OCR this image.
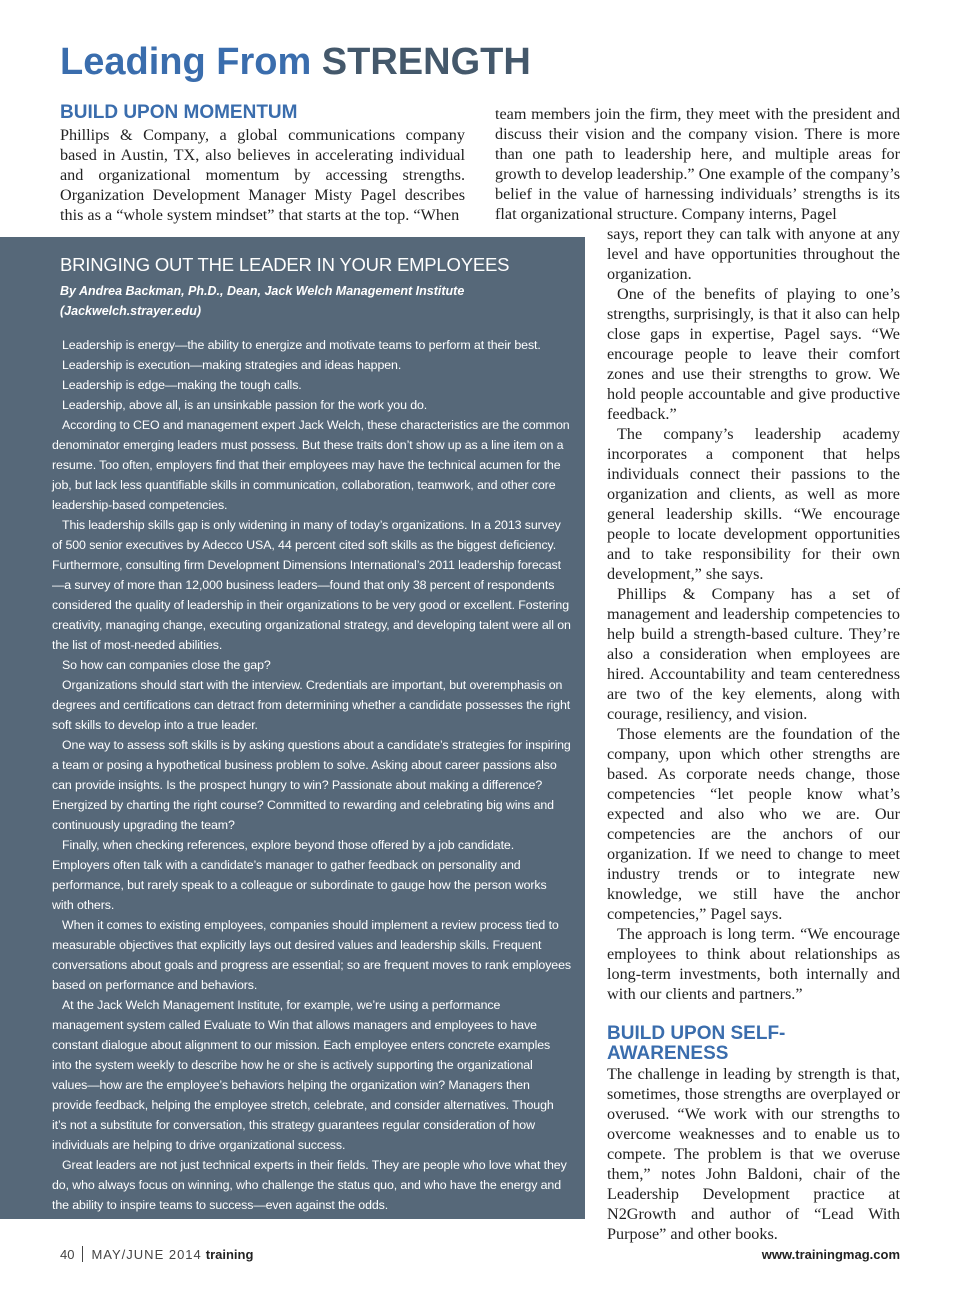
Leading From STRENGTH
BUILD UPON MOMENTUM

Phillips & Company, a global communications company based in Austin, TX, also believes in accelerating individual and organizational momentum by accessing strengths. Organization Development Manager Misty Pagel describes this as a “whole system mindset” that starts at the top. “When

team members join the firm, they meet with the president and discuss their vision and the company vision. There is more than one path to leadership here, and multiple areas for growth to develop leadership.” One example of the company’s belief in the value of harnessing individuals’ strengths is its flat organizational structure. Company interns, Pagel

BRINGING OUT THE LEADER IN YOUR EMPLOYEES

By Andrea Backman, Ph.D., Dean, Jack Welch Management Institute (Jackwelch.strayer.edu)

Leadership is energy—the ability to energize and motivate teams to perform at their best.

Leadership is execution—making strategies and ideas happen.

Leadership is edge—making the tough calls.

Leadership, above all, is an unsinkable passion for the work you do.

According to CEO and management expert Jack Welch, these characteristics are the common denominator emerging leaders must possess. But these traits don’t show up as a line item on a resume. Too often, employers find that their employees may have the technical acumen for the job, but lack less quantifiable skills in communication, collaboration, teamwork, and other core leadership-based competencies.

This leadership skills gap is only widening in many of today’s organizations. In a 2013 survey of 500 senior executives by Adecco USA, 44 percent cited soft skills as the biggest deficiency. Furthermore, consulting firm Development Dimensions International’s 2011 leadership forecast—a survey of more than 12,000 business leaders—found that only 38 percent of respondents considered the quality of leadership in their organizations to be very good or excellent. Fostering creativity, managing change, executing organizational strategy, and developing talent were all on the list of most-needed abilities.

So how can companies close the gap?

Organizations should start with the interview. Credentials are important, but overemphasis on degrees and certifications can detract from determining whether a candidate possesses the right soft skills to develop into a true leader.

One way to assess soft skills is by asking questions about a candidate’s strategies for inspiring a team or posing a hypothetical business problem to solve. Asking about career passions also can provide insights. Is the prospect hungry to win? Passionate about making a difference? Energized by charting the right course? Committed to rewarding and celebrating big wins and continuously upgrading the team?

Finally, when checking references, explore beyond those offered by a job candidate. Employers often talk with a candidate’s manager to gather feedback on personality and performance, but rarely speak to a colleague or subordinate to gauge how the person works with others.

When it comes to existing employees, companies should implement a review process tied to measurable objectives that explicitly lays out desired values and leadership skills. Frequent conversations about goals and progress are essential; so are frequent moves to rank employees based on performance and behaviors.

At the Jack Welch Management Institute, for example, we’re using a performance management system called Evaluate to Win that allows managers and employees to have constant dialogue about alignment to our mission. Each employee enters concrete examples into the system weekly to describe how he or she is actively supporting the organizational values—how are the employee’s behaviors helping the organization win? Managers then provide feedback, helping the employee stretch, celebrate, and consider alternatives. Though it’s not a substitute for conversation, this strategy guarantees regular consideration of how individuals are helping to drive organizational success.

Great leaders are not just technical experts in their fields. They are people who love what they do, who always focus on winning, who challenge the status quo, and who have the energy and the ability to inspire teams to success—even against the odds.

says, report they can talk with anyone at any level and have opportunities throughout the organization.

One of the benefits of playing to one’s strengths, surprisingly, is that it also can help close gaps in expertise, Pagel says. “We encourage people to leave their comfort zones and use their strengths to grow. We hold people accountable and give productive feedback.”

The company’s leadership academy incorporates a component that helps individuals connect their passions to the organization and clients, as well as more general leadership skills. “We encourage people to locate development opportunities and to take responsibility for their own development,” she says.

Phillips & Company has a set of management and leadership competencies to help build a strength-based culture. They’re also a consideration when employees are hired. Accountability and team centeredness are two of the key elements, along with courage, resiliency, and vision.

Those elements are the foundation of the company, upon which other strengths are based. As corporate needs change, those competencies “let people know what’s expected and also who we are. Our competencies are the anchors of our organization. If we need to change to meet industry trends or to integrate new knowledge, we still have the anchor competencies,” Pagel says.

The approach is long term. “We encourage employees to think about relationships as long-term investments, both internally and with our clients and partners.”

BUILD UPON SELF-AWARENESS

The challenge in leading by strength is that, sometimes, those strengths are overplayed or overused. “We work with our strengths to overcome weaknesses and to enable us to compete. The problem is that we overuse them,” notes John Baldoni, chair of the Leadership Development practice at N2Growth and author of “Lead With Purpose” and other books.

40 MAY/JUNE 2014 training	www.trainingmag.com
